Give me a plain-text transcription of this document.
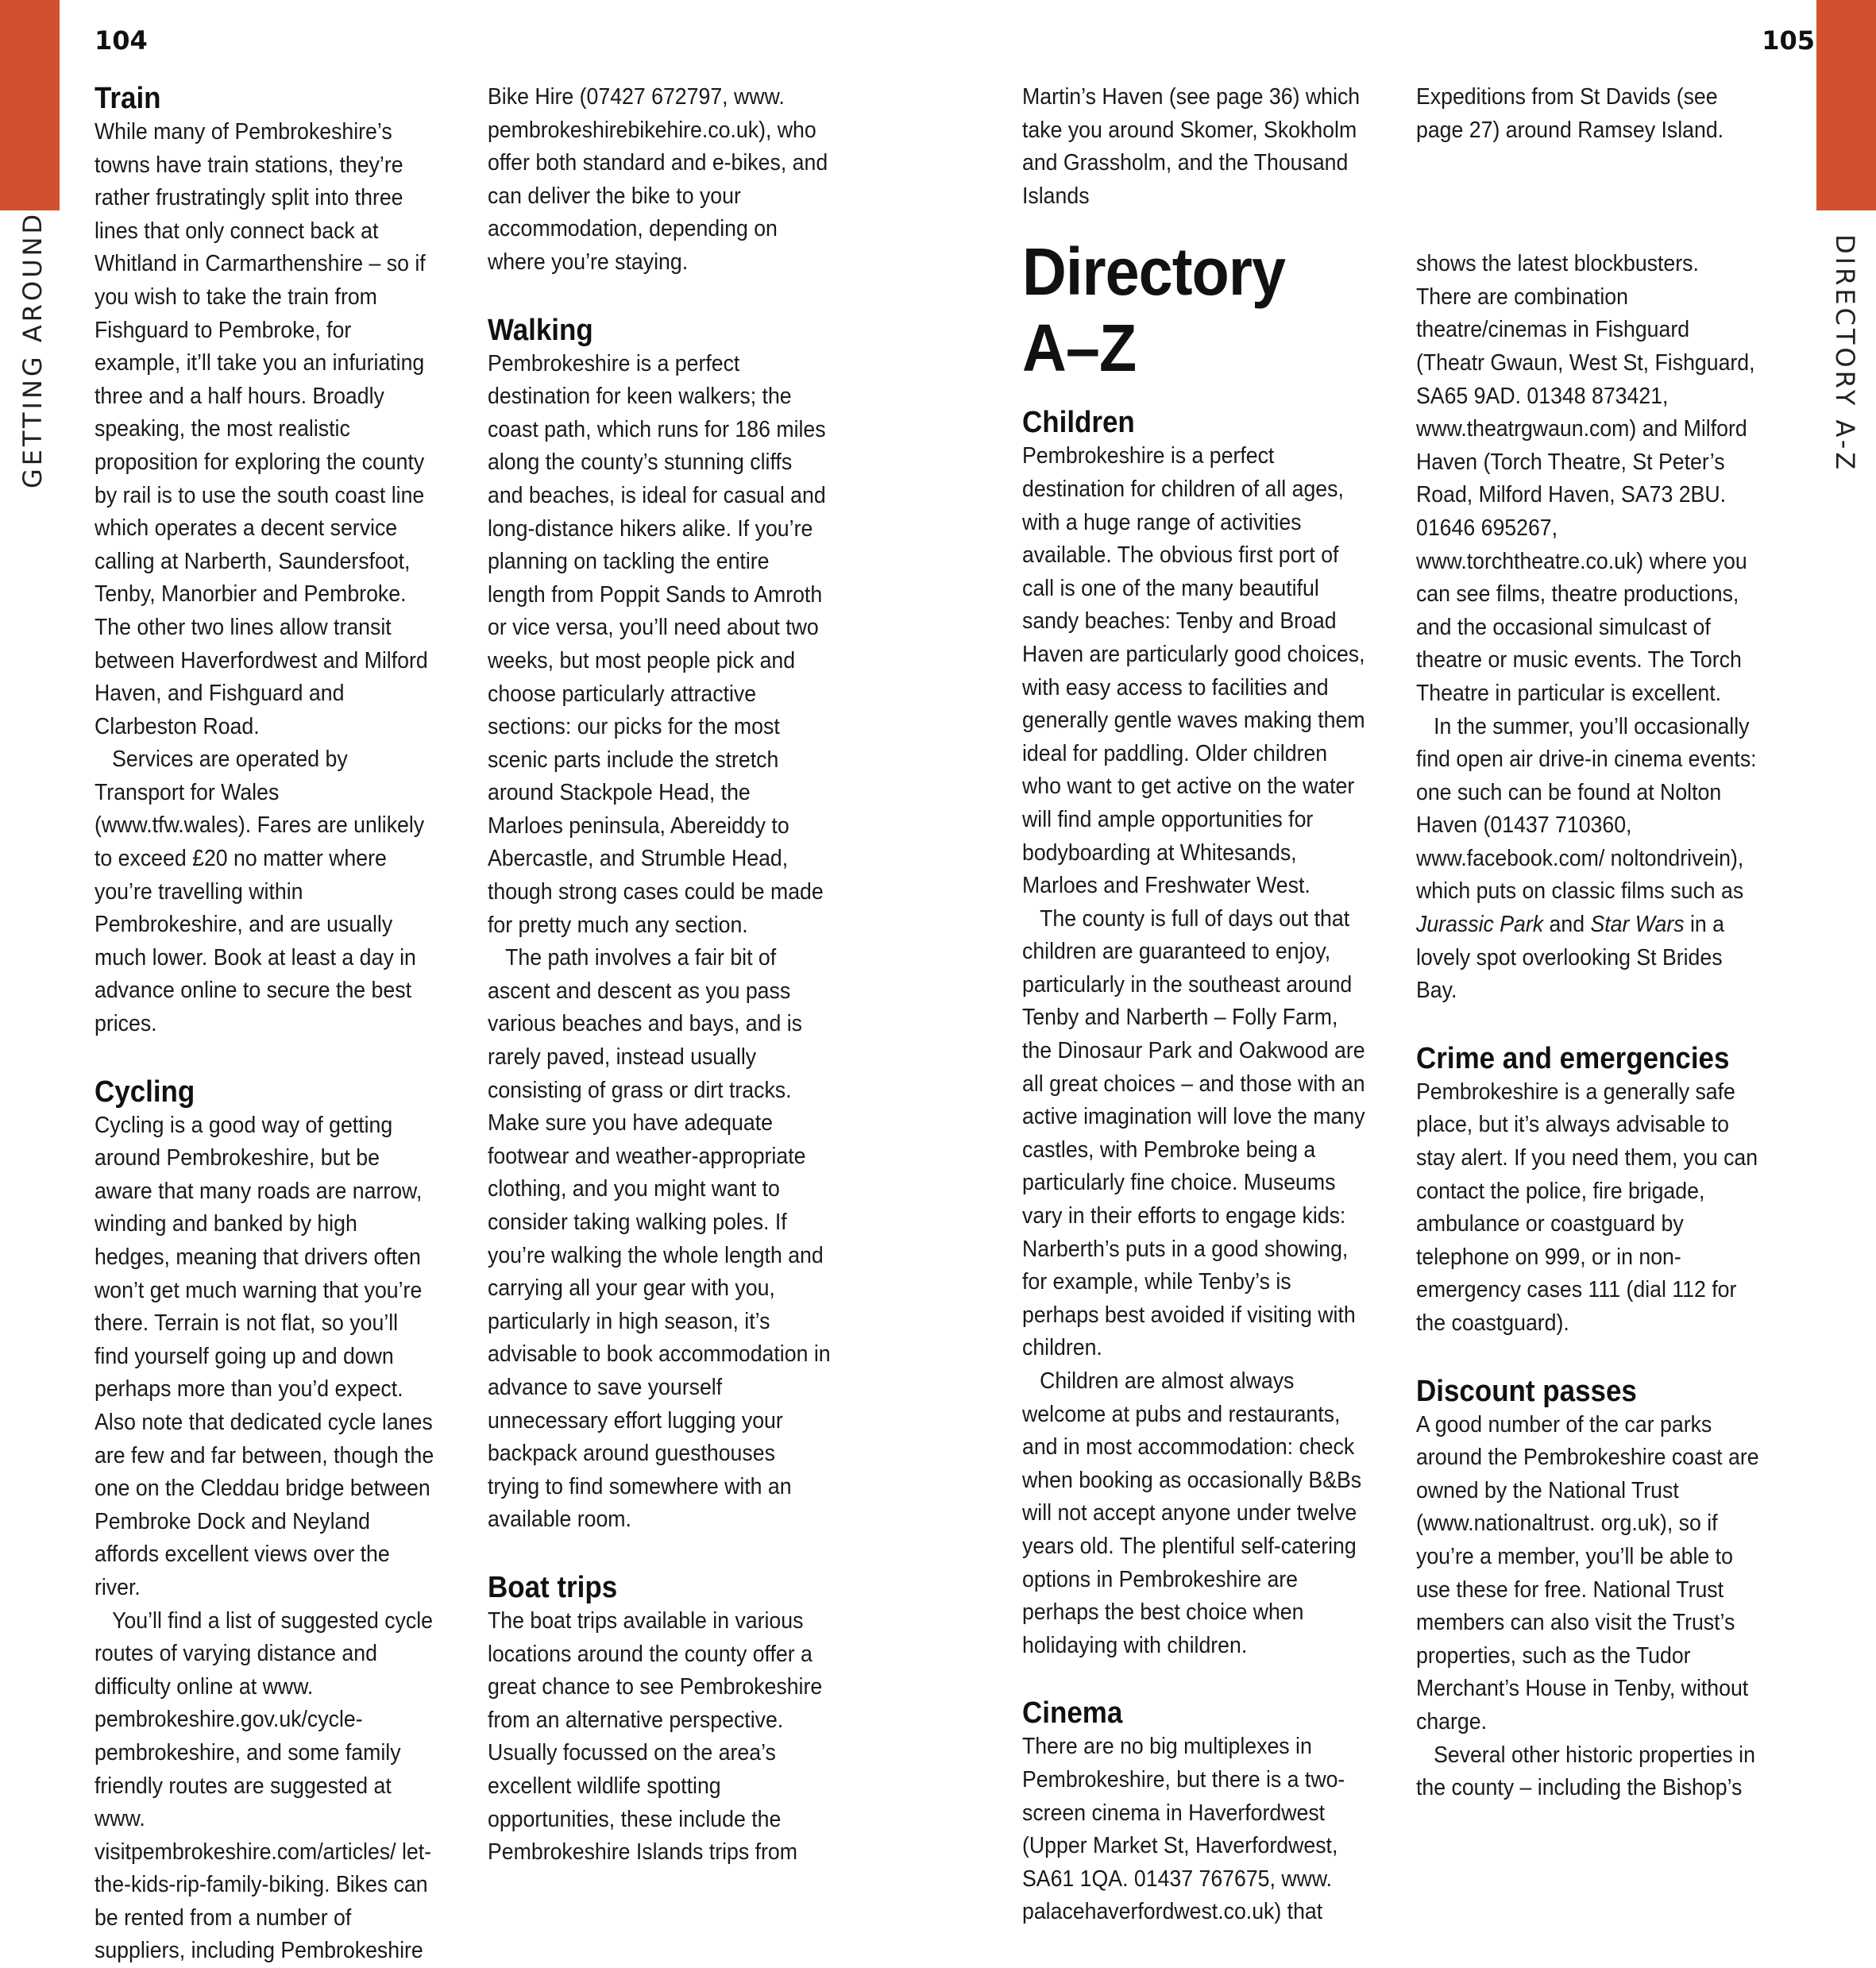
GETTING AROUND	DIRECTORY A-Z
104	105
Train

While many of Pembrokeshire’s towns have train stations, they’re rather frustratingly split into three lines that only connect back at Whitland in Carmarthenshire – so if you wish to take the train from Fishguard to Pembroke, for example, it’ll take you an infuriating three and a half hours. Broadly speaking, the most realistic proposition for exploring the county by rail is to use the south coast line which operates a decent service calling at Narberth, Saundersfoot, Tenby, Manorbier and Pembroke. The other two lines allow transit between Haverfordwest and Milford Haven, and Fishguard and Clarbeston Road.

Services are operated by Transport for Wales (www.tfw.wales). Fares are unlikely to exceed £20 no matter where you’re travelling within Pembrokeshire, and are usually much lower. Book at least a day in advance online to secure the best prices.

Cycling

Cycling is a good way of getting around Pembrokeshire, but be aware that many roads are narrow, winding and banked by high hedges, meaning that drivers often won’t get much warning that you’re there. Terrain is not flat, so you’ll find yourself going up and down perhaps more than you’d expect. Also note that dedicated cycle lanes are few and far between, though the one on the Cleddau bridge between Pembroke Dock and Neyland affords excellent views over the river.

You’ll find a list of suggested cycle routes of varying distance and difficulty online at www. pembrokeshire.gov.uk/cycle-pembrokeshire, and some family friendly routes are suggested at www. visitpembrokeshire.com/articles/ let-the-kids-rip-family-biking. Bikes can be rented from a number of suppliers, including Pembrokeshire

Bike Hire (07427 672797, www. pembrokeshirebikehire.co.uk), who offer both standard and e-bikes, and can deliver the bike to your accommodation, depending on where you’re staying.

Walking

Pembrokeshire is a perfect destination for keen walkers; the coast path, which runs for 186 miles along the county’s stunning cliffs and beaches, is ideal for casual and long-distance hikers alike. If you’re planning on tackling the entire length from Poppit Sands to Amroth or vice versa, you’ll need about two weeks, but most people pick and choose particularly attractive sections: our picks for the most scenic parts include the stretch around Stackpole Head, the Marloes peninsula, Abereiddy to Abercastle, and Strumble Head, though strong cases could be made for pretty much any section.

The path involves a fair bit of ascent and descent as you pass various beaches and bays, and is rarely paved, instead usually consisting of grass or dirt tracks. Make sure you have adequate footwear and weather-appropriate clothing, and you might want to consider taking walking poles. If you’re walking the whole length and carrying all your gear with you, particularly in high season, it’s advisable to book accommodation in advance to save yourself unnecessary effort lugging your backpack around guesthouses trying to find somewhere with an available room.

Boat trips

The boat trips available in various locations around the county offer a great chance to see Pembrokeshire from an alternative perspective. Usually focussed on the area’s excellent wildlife spotting opportunities, these include the Pembrokeshire Islands trips from

Martin’s Haven (see page 36) which take you around Skomer, Skokholm and Grassholm, and the Thousand Islands

Directory A–Z
Children

Pembrokeshire is a perfect destination for children of all ages, with a huge range of activities available. The obvious first port of call is one of the many beautiful sandy beaches: Tenby and Broad Haven are particularly good choices, with easy access to facilities and generally gentle waves making them ideal for paddling. Older children who want to get active on the water will find ample opportunities for bodyboarding at Whitesands, Marloes and Freshwater West.

The county is full of days out that children are guaranteed to enjoy, particularly in the southeast around Tenby and Narberth – Folly Farm, the Dinosaur Park and Oakwood are all great choices – and those with an active imagination will love the many castles, with Pembroke being a particularly fine choice. Museums vary in their efforts to engage kids: Narberth’s puts in a good showing, for example, while Tenby’s is perhaps best avoided if visiting with children.

Children are almost always welcome at pubs and restaurants, and in most accommodation: check when booking as occasionally B&Bs will not accept anyone under twelve years old. The plentiful self-catering options in Pembrokeshire are perhaps the best choice when holidaying with children.

Cinema

There are no big multiplexes in Pembrokeshire, but there is a two-screen cinema in Haverfordwest (Upper Market St, Haverfordwest, SA61 1QA. 01437 767675, www. palacehaverfordwest.co.uk) that

Expeditions from St Davids (see page 27) around Ramsey Island.

shows the latest blockbusters. There are combination theatre/cinemas in Fishguard (Theatr Gwaun, West St, Fishguard, SA65 9AD. 01348 873421, www.theatrgwaun.com) and Milford Haven (Torch Theatre, St Peter’s Road, Milford Haven, SA73 2BU. 01646 695267, www.torchtheatre.co.uk) where you can see films, theatre productions, and the occasional simulcast of theatre or music events. The Torch Theatre in particular is excellent.

In the summer, you’ll occasionally find open air drive-in cinema events: one such can be found at Nolton Haven (01437 710360, www.facebook.com/ noltondrivein), which puts on classic films such as Jurassic Park and Star Wars in a lovely spot overlooking St Brides Bay.

Crime and emergencies

Pembrokeshire is a generally safe place, but it’s always advisable to stay alert. If you need them, you can contact the police, fire brigade, ambulance or coastguard by telephone on 999, or in non-emergency cases 111 (dial 112 for the coastguard).

Discount passes

A good number of the car parks around the Pembrokeshire coast are owned by the National Trust (www.nationaltrust. org.uk), so if you’re a member, you’ll be able to use these for free. National Trust members can also visit the Trust’s properties, such as the Tudor Merchant’s House in Tenby, without charge.

Several other historic properties in the county – including the Bishop’s
